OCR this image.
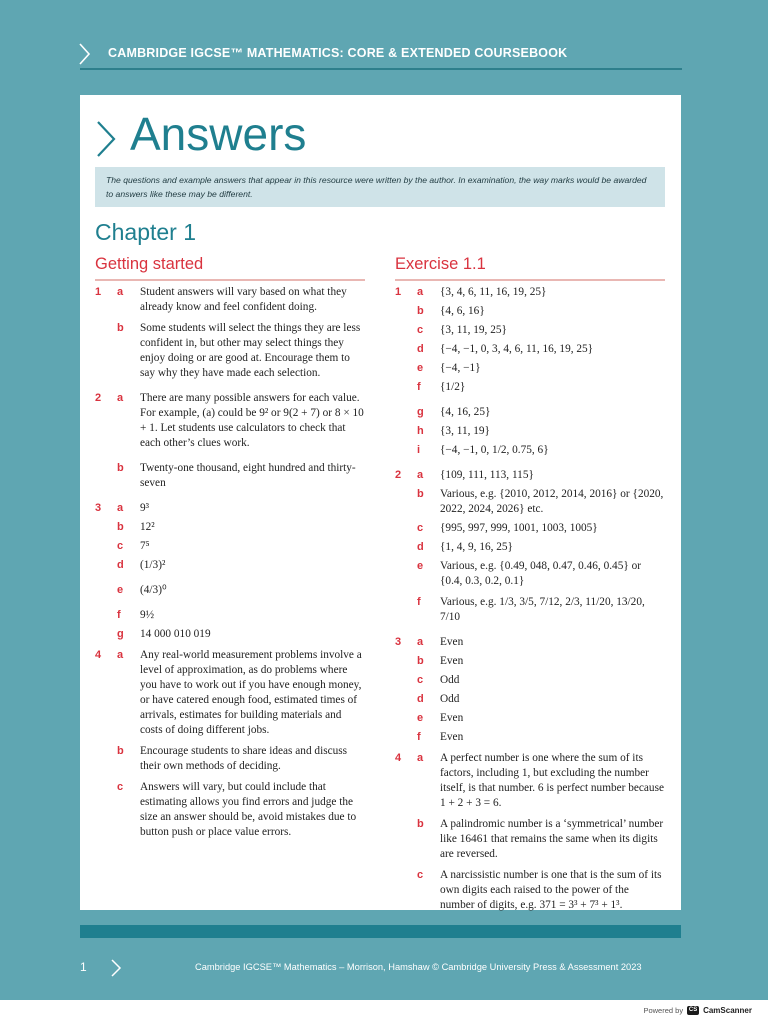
CAMBRIDGE IGCSE™ MATHEMATICS: CORE & EXTENDED COURSEBOOK
Answers
The questions and example answers that appear in this resource were written by the author. In examination, the way marks would be awarded to answers like these may be different.
Chapter 1
Getting started
1 a Student answers will vary based on what they already know and feel confident doing.
b Some students will select the things they are less confident in, but other may select things they enjoy doing or are good at. Encourage them to say why they have made each selection.
2 a There are many possible answers for each value. For example, (a) could be 9² or 9(2 + 7) or 8 × 10 + 1. Let students use calculators to check that each other’s clues work.
b Twenty-one thousand, eight hundred and thirty-seven
3 a 9³
b 12²
c 7⁵
d (1/3)²
e (4/3)⁰
f 9½
g 14 000 010 019
4 a Any real-world measurement problems involve a level of approximation, as do problems where you have to work out if you have enough money, or have catered enough food, estimated times of arrivals, estimates for building materials and costs of doing different jobs.
b Encourage students to share ideas and discuss their own methods of deciding.
c Answers will vary, but could include that estimating allows you find errors and judge the size an answer should be, avoid mistakes due to button push or place value errors.
Exercise 1.1
1 a {3, 4, 6, 11, 16, 19, 25}
b {4, 6, 16}
c {3, 11, 19, 25}
d {−4, −1, 0, 3, 4, 6, 11, 16, 19, 25}
e {−4, −1}
f {1/2}
g {4, 16, 25}
h {3, 11, 19}
i {−4, −1, 0, 1/2, 0.75, 6}
2 a {109, 111, 113, 115}
b Various, e.g. {2010, 2012, 2014, 2016} or {2020, 2022, 2024, 2026} etc.
c {995, 997, 999, 1001, 1003, 1005}
d {1, 4, 9, 16, 25}
e Various, e.g. {0.49, 048, 0.47, 0.46, 0.45} or {0.4, 0.3, 0.2, 0.1}
f Various, e.g. 1/3, 3/5, 7/12, 2/3, 11/20, 13/20, 7/10
3 a Even
b Even
c Odd
d Odd
e Even
f Even
4 a A perfect number is one where the sum of its factors, including 1, but excluding the number itself, is that number. 6 is perfect number because 1 + 2 + 3 = 6.
b A palindromic number is a ‘symmetrical’ number like 16461 that remains the same when its digits are reversed.
c A narcissistic number is one that is the sum of its own digits each raised to the power of the number of digits, e.g. 371 = 3³ + 7³ + 1³.
1	Cambridge IGCSE™ Mathematics – Morrison, Hamshaw © Cambridge University Press & Assessment 2023
Powered by CS CamScanner
